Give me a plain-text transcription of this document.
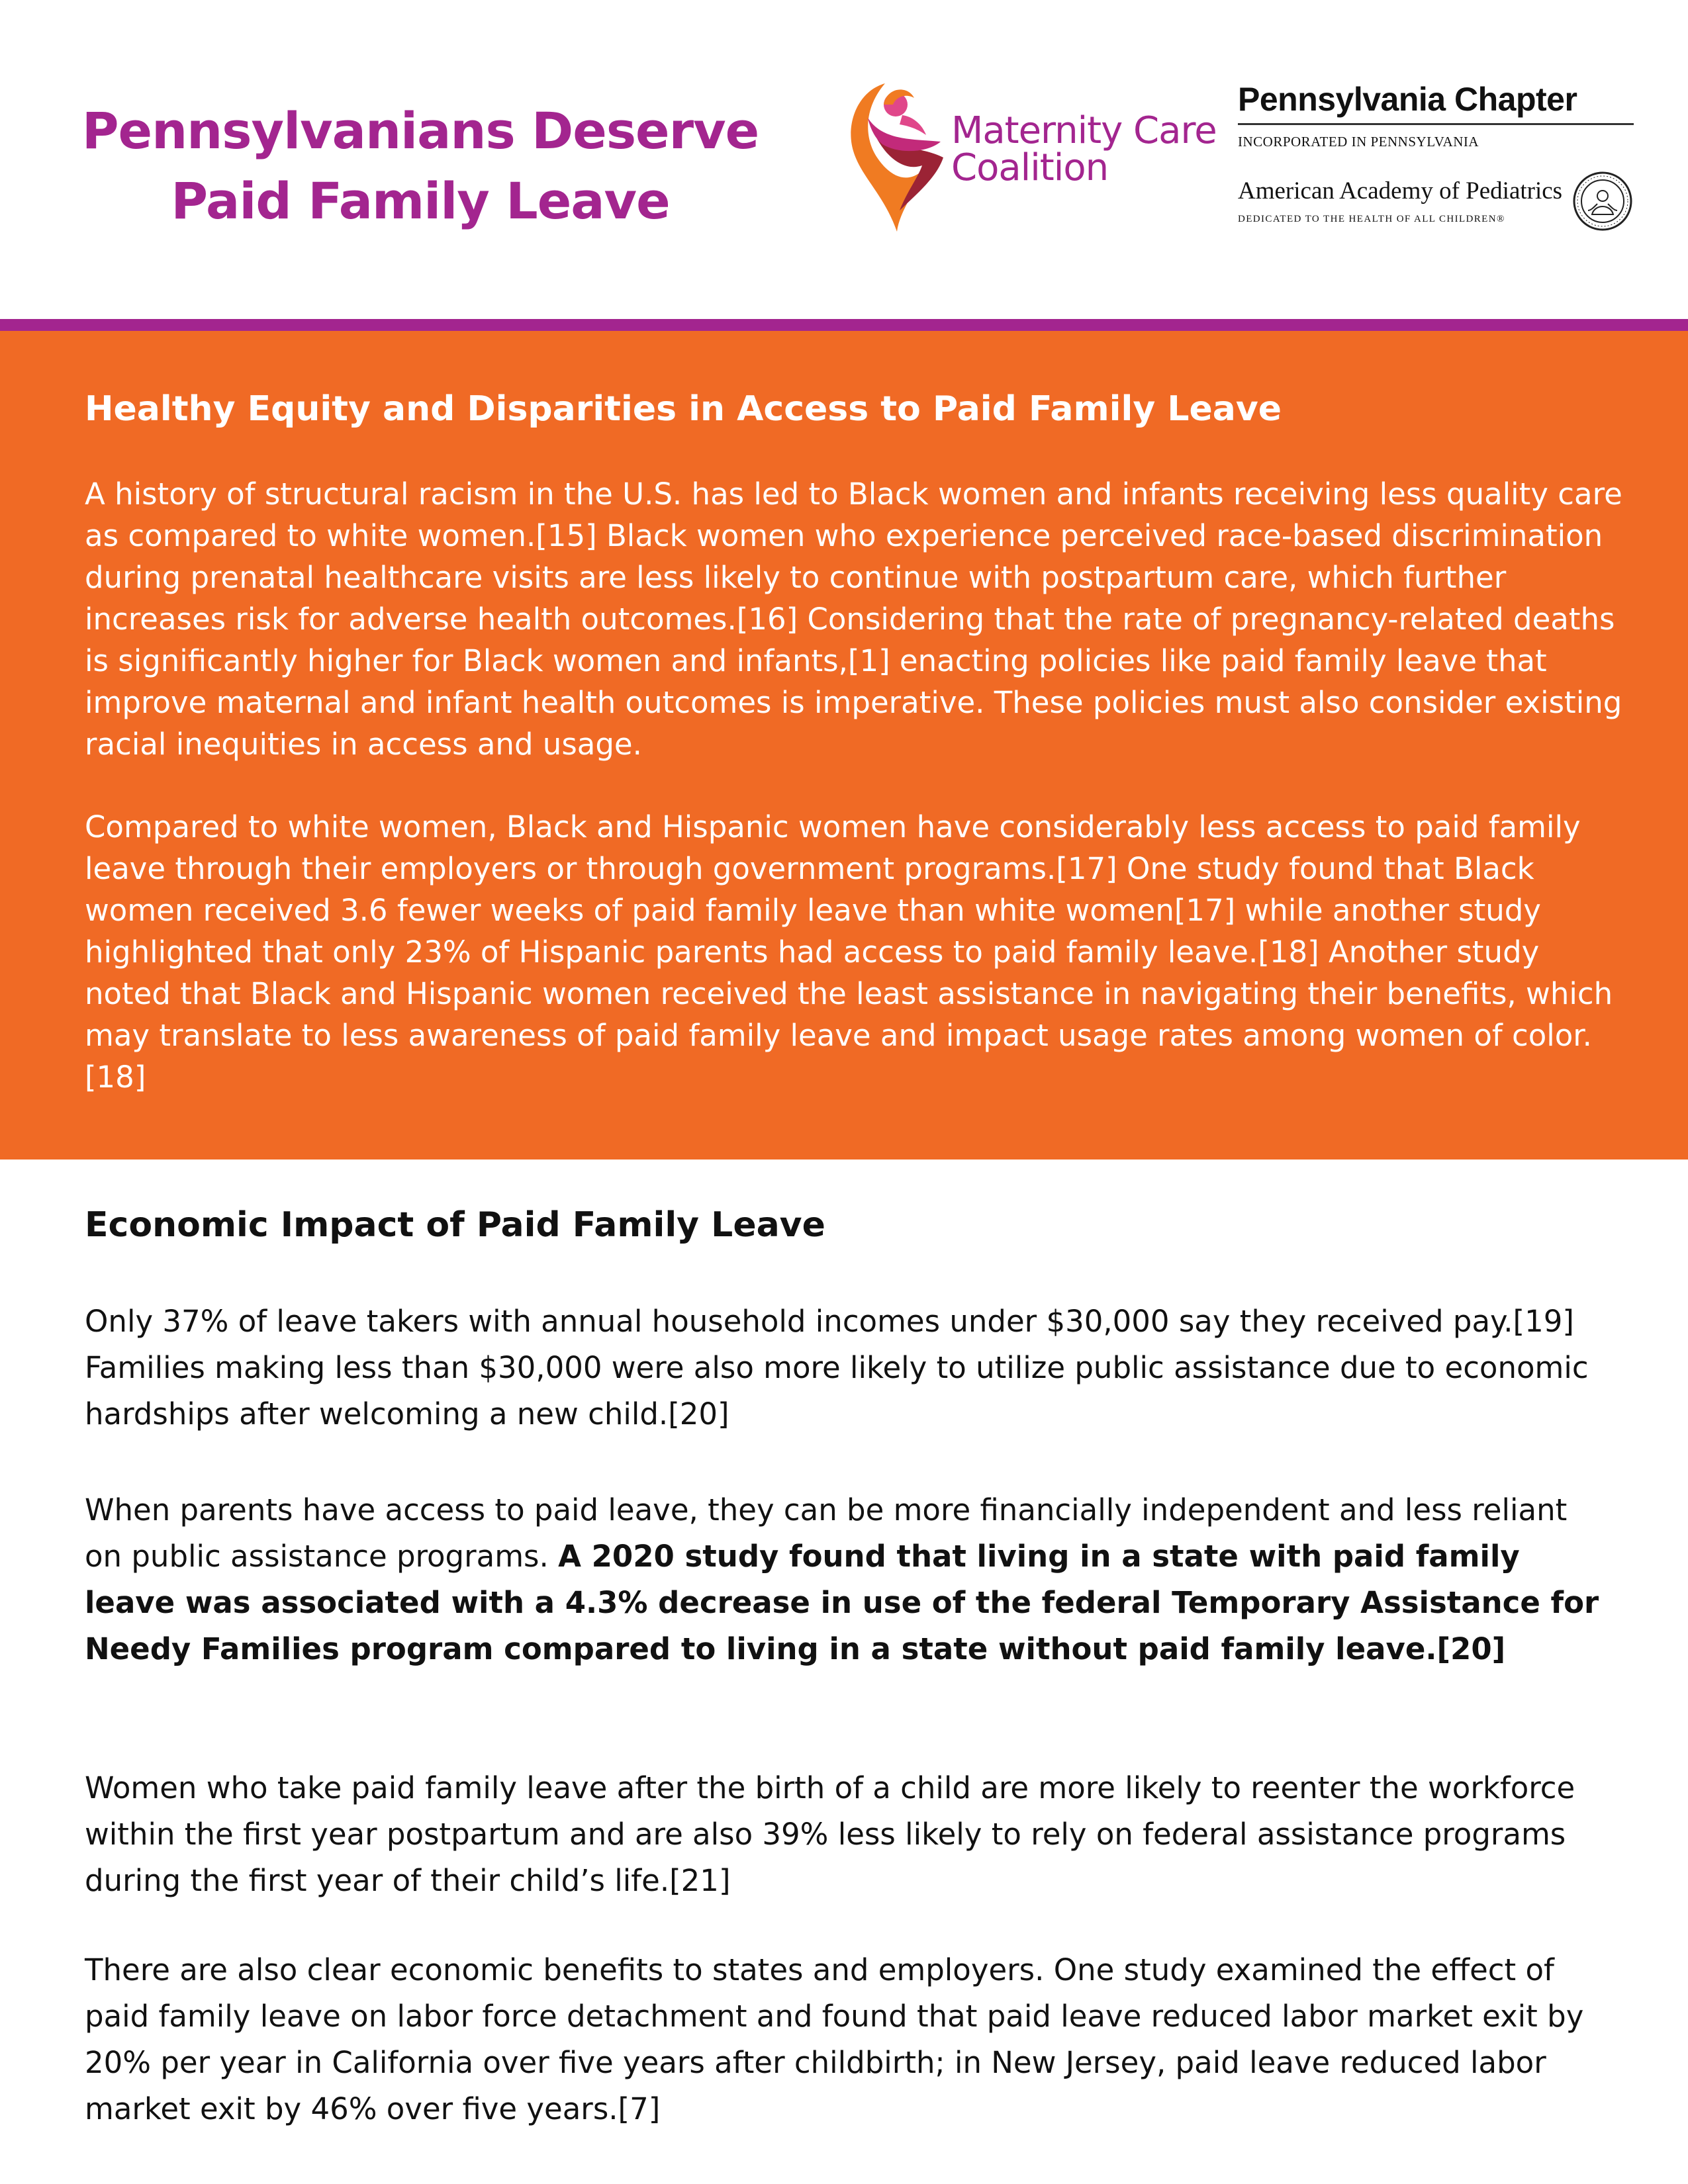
Pennsylvanians Deserve
Paid Family Leave
Maternity Care
Coalition
Pennsylvania Chapter
INCORPORATED IN PENNSYLVANIA
American Academy of Pediatrics
DEDICATED TO THE HEALTH OF ALL CHILDREN®
Healthy Equity and Disparities in Access to Paid Family Leave

A history of structural racism in the U.S. has led to Black women and infants receiving less quality care as compared to white women.[15] Black women who experience perceived race-based discrimination during prenatal healthcare visits are less likely to continue with postpartum care, which further increases risk for adverse health outcomes.[16] Considering that the rate of pregnancy-related deaths is significantly higher for Black women and infants,[1] enacting policies like paid family leave that improve maternal and infant health outcomes is imperative. These policies must also consider existing racial inequities in access and usage.

Compared to white women, Black and Hispanic women have considerably less access to paid family leave through their employers or through government programs.[17] One study found that Black women received 3.6 fewer weeks of paid family leave than white women[17] while another study highlighted that only 23% of Hispanic parents had access to paid family leave.[18] Another study noted that Black and Hispanic women received the least assistance in navigating their benefits, which may translate to less awareness of paid family leave and impact usage rates among women of color.[18]

Economic Impact of Paid Family Leave

Only 37% of leave takers with annual household incomes under $30,000 say they received pay.[19] Families making less than $30,000 were also more likely to utilize public assistance due to economic hardships after welcoming a new child.[20]

When parents have access to paid leave, they can be more financially independent and less reliant on public assistance programs. A 2020 study found that living in a state with paid family leave was associated with a 4.3% decrease in use of the federal Temporary Assistance for Needy Families program compared to living in a state without paid family leave.[20]

Women who take paid family leave after the birth of a child are more likely to reenter the workforce within the first year postpartum and are also 39% less likely to rely on federal assistance programs during the first year of their child’s life.[21]

There are also clear economic benefits to states and employers. One study examined the effect of paid family leave on labor force detachment and found that paid leave reduced labor market exit by 20% per year in California over five years after childbirth; in New Jersey, paid leave reduced labor market exit by 46% over five years.[7]
